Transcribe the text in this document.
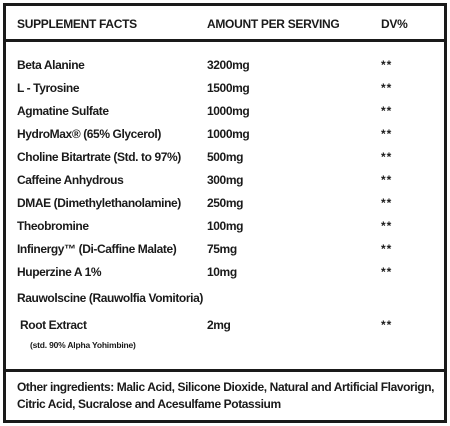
SUPPLEMENT FACTS	AMOUNT PER SERVING	DV%
Beta Alanine	3200mg	**
L - Tyrosine	1500mg	**
Agmatine Sulfate	1000mg	**
HydroMax® (65% Glycerol)	1000mg	**
Choline Bitartrate (Std. to 97%) 500mg	**
Caffeine Anhydrous	300mg	**
DMAE (Dimethylethanolamine) 250mg	**
Theobromine	100mg	**
Infinergy™ (Di-Caffine Malate)	75mg	**
Huperzine A 1%	10mg	**
Rauwolscine (Rauwolfia Vomitoria)
Root Extract	2mg	**
(std. 90% Alpha Yohimbine)
Other ingredients: Malic Acid, Silicone Dioxide, Natural and Artificial Flavorign, Citric Acid, Sucralose and Acesulfame Potassium
